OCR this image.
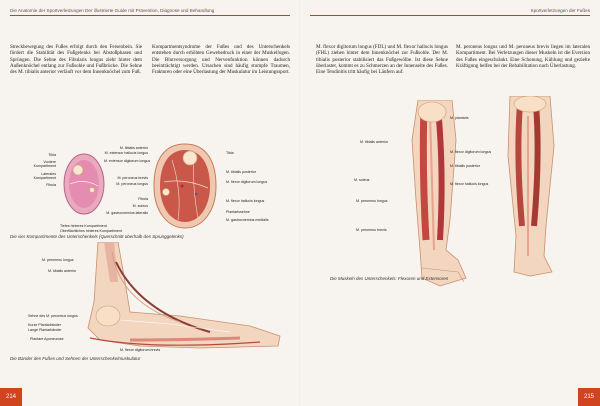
Die Anatomie der Sportverletzungen Der illustrierte Guide mit Prävention, Diagnose und Behandlung
Streckbewegung des Fußes erfolgt durch den Fersenbein. Sie fördert die Stabilität des Fußgelenks bei Abstoßphasen und Sprüngen. Die Sehne des Fibularis longus zieht hinter dem Außenknöchel entlang zur Fußsohle und Fußbrücke. Die Sehne des M. tibialis anterior verläuft vor dem Innenknöchel zum Fuß.
Kompartmentsyndrome der Fußes und des Unterschenkels entstehen durch erhöhten Gewebedruck in einer der Muskellogen. Die Blutversorgung und Nervenfunktion können dadurch beeinträchtigt werden. Ursachen sind häufig stumpfe Traumen, Frakturen oder eine Überlastung der Muskulatur im Leistungssport.
Tibia
Vordere
Kompartiment
Laterales
Kompartiment
Fibula
Tiefes hinteres Kompartiment
Oberflächliches hinteres Kompartiment
M. tibialis anterior
M. extensor hallucis longus
M. extensor digitorum longus
M. peroneus brevis
M. peroneus longus
Fibula
M. soleus
M. gastrocnemius lateralis
Tibia
M. tibialis posterior
M. flexor digitorum longus
M. flexor hallucis longus
Plantarissehne
M. gastrocnemius medialis
Die vier Kompartimente des Unterschenkels (Querschnitt oberhalb des Sprunggelenks)
M. peroneus longus
M. tibialis anterior
Sehne des M. peroneus longus
Kurze Plantarbänder
Lange Plantarbänder
Plantare Aponeurose
M. flexor digitorum brevis
Die Bänder des Fußes und Sehnen der Unterschenkelmuskulatur
214
Sportverletzungen der Fußes
M. flexor digitorum longus (FDL) und M. flexor hallucis longus (FHL) ziehen hinter dem Innenknöchel zur Fußsohle. Der M. tibialis posterior stabilisiert das Fußgewölbe. Ist diese Sehne überlastet, kommt es zu Schmerzen an der Innenseite des Fußes. Eine Tendinitis tritt häufig bei Läufern auf.
M. peroneus longus und M. peroneus brevis liegen im lateralen Kompartiment. Bei Verletzungen dieser Muskeln ist die Eversion des Fußes eingeschränkt. Eine Schonung, Kühlung und gezielte Kräftigung helfen bei der Rehabilitation nach Überlastung.
M. tibialis anterior
M. soleus
M. peroneus longus
M. peroneus brevis
M. plantaris
M. flexor digitorum longus
M. tibialis posterior
M. flexor hallucis longus
Die Muskeln des Unterschenkels: Flexoren und Extensoren
215
